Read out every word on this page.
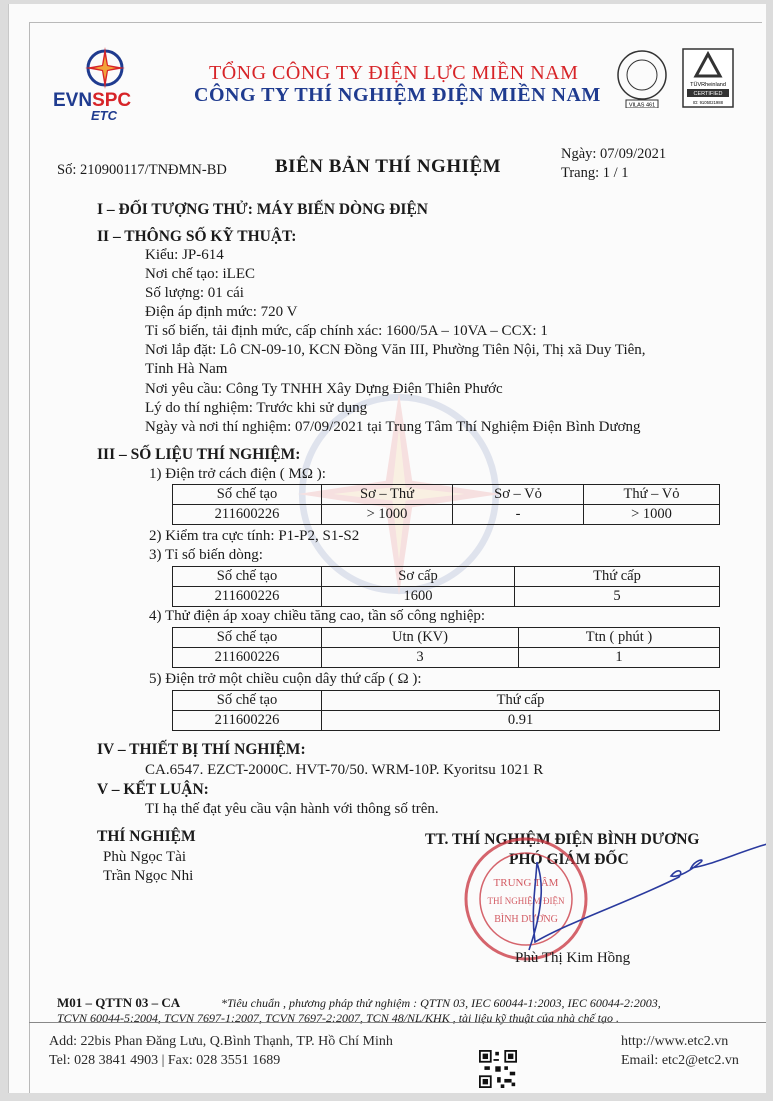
EVNSPC
ETC
TỔNG CÔNG TY ĐIỆN LỰC MIỀN NAM
CÔNG TY THÍ NGHIỆM ĐIỆN MIỀN NAM	VILAS 461
TÜVRheinland
CERTIFIED
ID: 9105021988
Số: 210900117/TNĐMN-BD	BIÊN BẢN THÍ NGHIỆM
Ngày: 07/09/2021
Trang: 1 / 1
I – ĐỐI TƯỢNG THỬ: MÁY BIẾN DÒNG ĐIỆN
II – THÔNG SỐ KỸ THUẬT:
Kiểu: JP-614
Nơi chế tạo: iLEC
Số lượng: 01 cái
Điện áp định mức: 720 V
Tỉ số biến, tải định mức, cấp chính xác: 1600/5A – 10VA – CCX: 1
Nơi lắp đặt: Lô CN-09-10, KCN Đồng Văn III, Phường Tiên Nội, Thị xã Duy Tiên,
Tỉnh Hà Nam
Nơi yêu cầu: Công Ty TNHH Xây Dựng Điện Thiên Phước
Lý do thí nghiệm: Trước khi sử dụng
Ngày và nơi thí nghiệm: 07/09/2021 tại Trung Tâm Thí Nghiệm Điện Bình Dương
III – SỐ LIỆU THÍ NGHIỆM:
1) Điện trở cách điện ( MΩ ):
Số chế tạo	Sơ – Thứ	Sơ – Vỏ	Thứ – Vỏ
211600226	> 1000	-	> 1000
2) Kiểm tra cực tính: P1-P2, S1-S2
3) Tỉ số biến dòng:
Số chế tạo	Sơ cấp	Thứ cấp
211600226	1600	5
4) Thử điện áp xoay chiều tăng cao, tần số công nghiệp:
Số chế tạo	Utn (KV)	Ttn ( phút )
211600226	3	1
5) Điện trở một chiều cuộn dây thứ cấp ( Ω ):
Số chế tạo	Thứ cấp
211600226	0.91
IV – THIẾT BỊ THÍ NGHIỆM:
CA.6547. EZCT-2000C. HVT-70/50. WRM-10P. Kyoritsu 1021 R
V – KẾT LUẬN:
TI hạ thế đạt yêu cầu vận hành với thông số trên.
THÍ NGHIỆM
Phù Ngọc Tài
Trần Ngọc Nhi
TT. THÍ NGHIỆM ĐIỆN BÌNH DƯƠNG
PHÓ GIÁM ĐỐC
TRUNG TÂM
THÍ NGHIỆM ĐIỆN
BÌNH DƯƠNG
Phù Thị Kim Hồng
M01 – QTTN 03 – CA	*Tiêu chuẩn , phương pháp thử nghiệm : QTTN 03, IEC 60044-1:2003, IEC 60044-2:2003,
TCVN 60044-5:2004, TCVN 7697-1:2007, TCVN 7697-2:2007, TCN 48/NL/KHK , tài liệu kỹ thuật của nhà chế tạo .
Add: 22bis Phan Đăng Lưu, Q.Bình Thạnh, TP. Hồ Chí Minh
Tel: 028 3841 4903 | Fax: 028 3551 1689
http://www.etc2.vn
Email: etc2@etc2.vn
